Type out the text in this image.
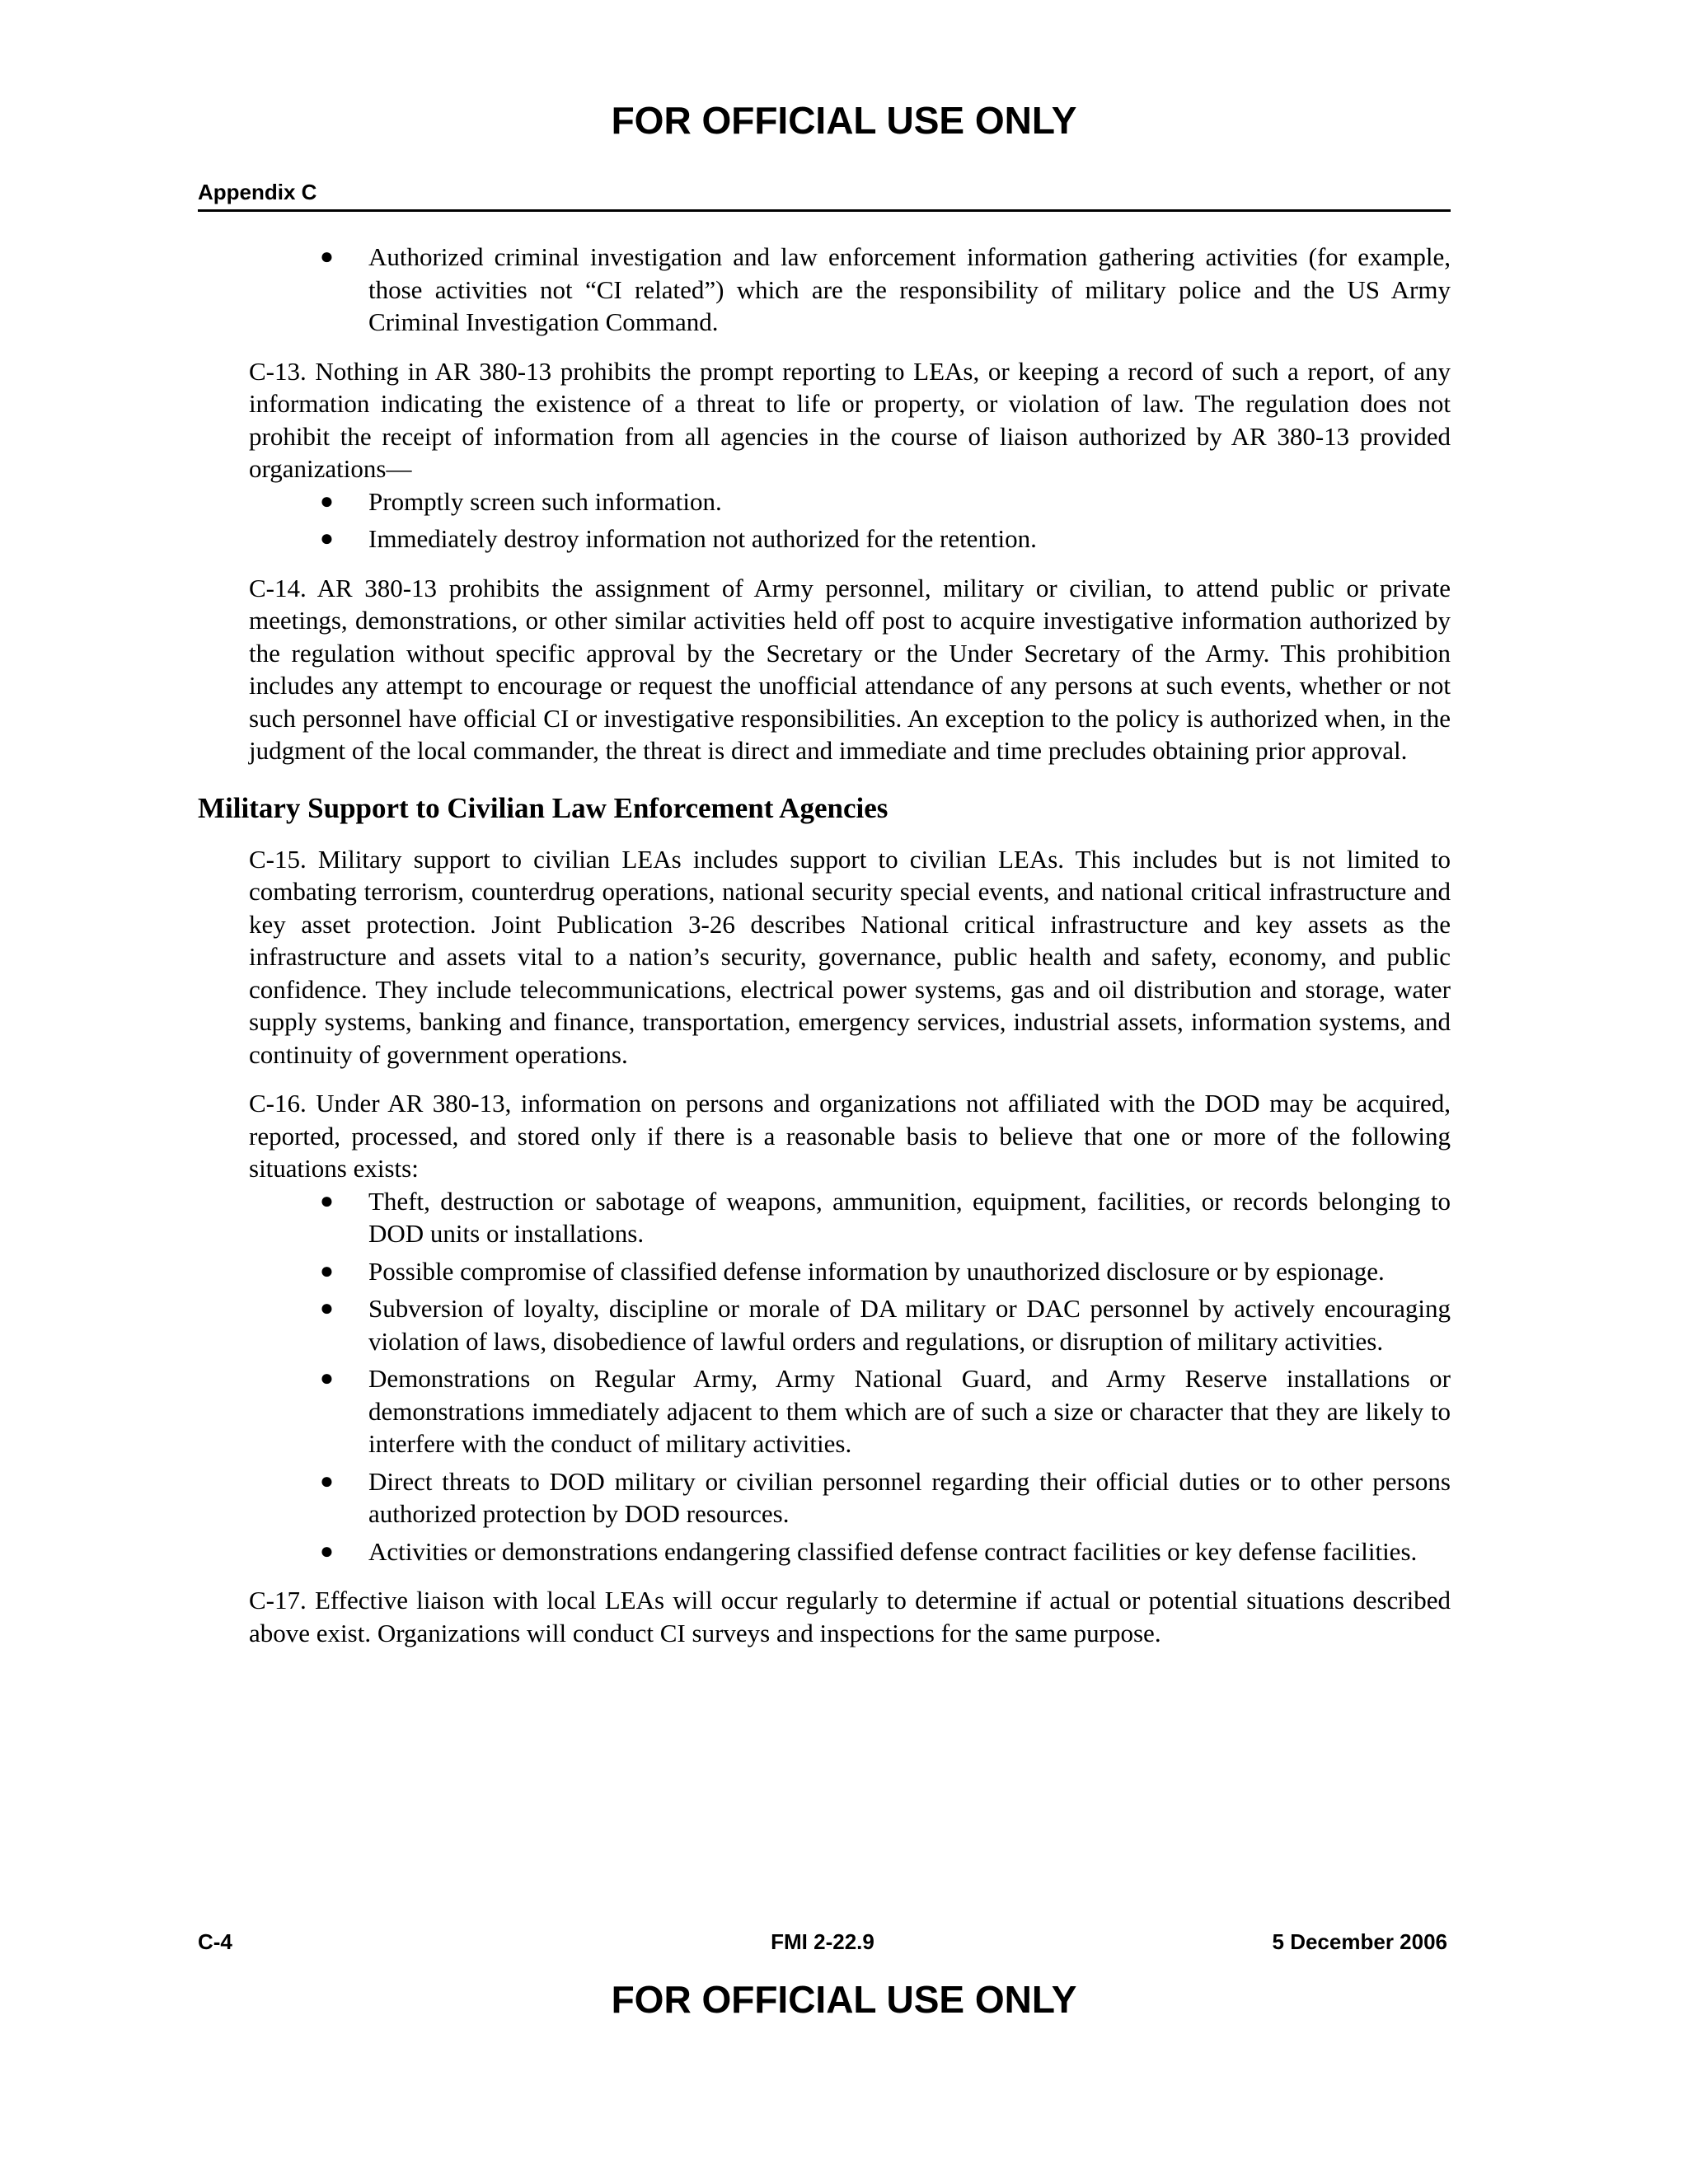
FOR OFFICIAL USE ONLY
Appendix C
● Authorized criminal investigation and law enforcement information gathering activities (for example, those activities not “CI related”) which are the responsibility of military police and the US Army Criminal Investigation Command.

C-13. Nothing in AR 380-13 prohibits the prompt reporting to LEAs, or keeping a record of such a report, of any information indicating the existence of a threat to life or property, or violation of law. The regulation does not prohibit the receipt of information from all agencies in the course of liaison authorized by AR 380-13 provided organizations—

● Promptly screen such information.
● Immediately destroy information not authorized for the retention.

C-14. AR 380-13 prohibits the assignment of Army personnel, military or civilian, to attend public or private meetings, demonstrations, or other similar activities held off post to acquire investigative information authorized by the regulation without specific approval by the Secretary or the Under Secretary of the Army. This prohibition includes any attempt to encourage or request the unofficial attendance of any persons at such events, whether or not such personnel have official CI or investigative responsibilities. An exception to the policy is authorized when, in the judgment of the local commander, the threat is direct and immediate and time precludes obtaining prior approval.

Military Support to Civilian Law Enforcement Agencies

C-15. Military support to civilian LEAs includes support to civilian LEAs. This includes but is not limited to combating terrorism, counterdrug operations, national security special events, and national critical infrastructure and key asset protection. Joint Publication 3-26 describes National critical infrastructure and key assets as the infrastructure and assets vital to a nation’s security, governance, public health and safety, economy, and public confidence. They include telecommunications, electrical power systems, gas and oil distribution and storage, water supply systems, banking and finance, transportation, emergency services, industrial assets, information systems, and continuity of government operations.

C-16. Under AR 380-13, information on persons and organizations not affiliated with the DOD may be acquired, reported, processed, and stored only if there is a reasonable basis to believe that one or more of the following situations exists:

● Theft, destruction or sabotage of weapons, ammunition, equipment, facilities, or records belonging to DOD units or installations.
● Possible compromise of classified defense information by unauthorized disclosure or by espionage.
● Subversion of loyalty, discipline or morale of DA military or DAC personnel by actively encouraging violation of laws, disobedience of lawful orders and regulations, or disruption of military activities.
● Demonstrations on Regular Army, Army National Guard, and Army Reserve installations or demonstrations immediately adjacent to them which are of such a size or character that they are likely to interfere with the conduct of military activities.
● Direct threats to DOD military or civilian personnel regarding their official duties or to other persons authorized protection by DOD resources.
● Activities or demonstrations endangering classified defense contract facilities or key defense facilities.

C-17. Effective liaison with local LEAs will occur regularly to determine if actual or potential situations described above exist. Organizations will conduct CI surveys and inspections for the same purpose.

C-4	FMI 2-22.9	5 December 2006
FOR OFFICIAL USE ONLY
